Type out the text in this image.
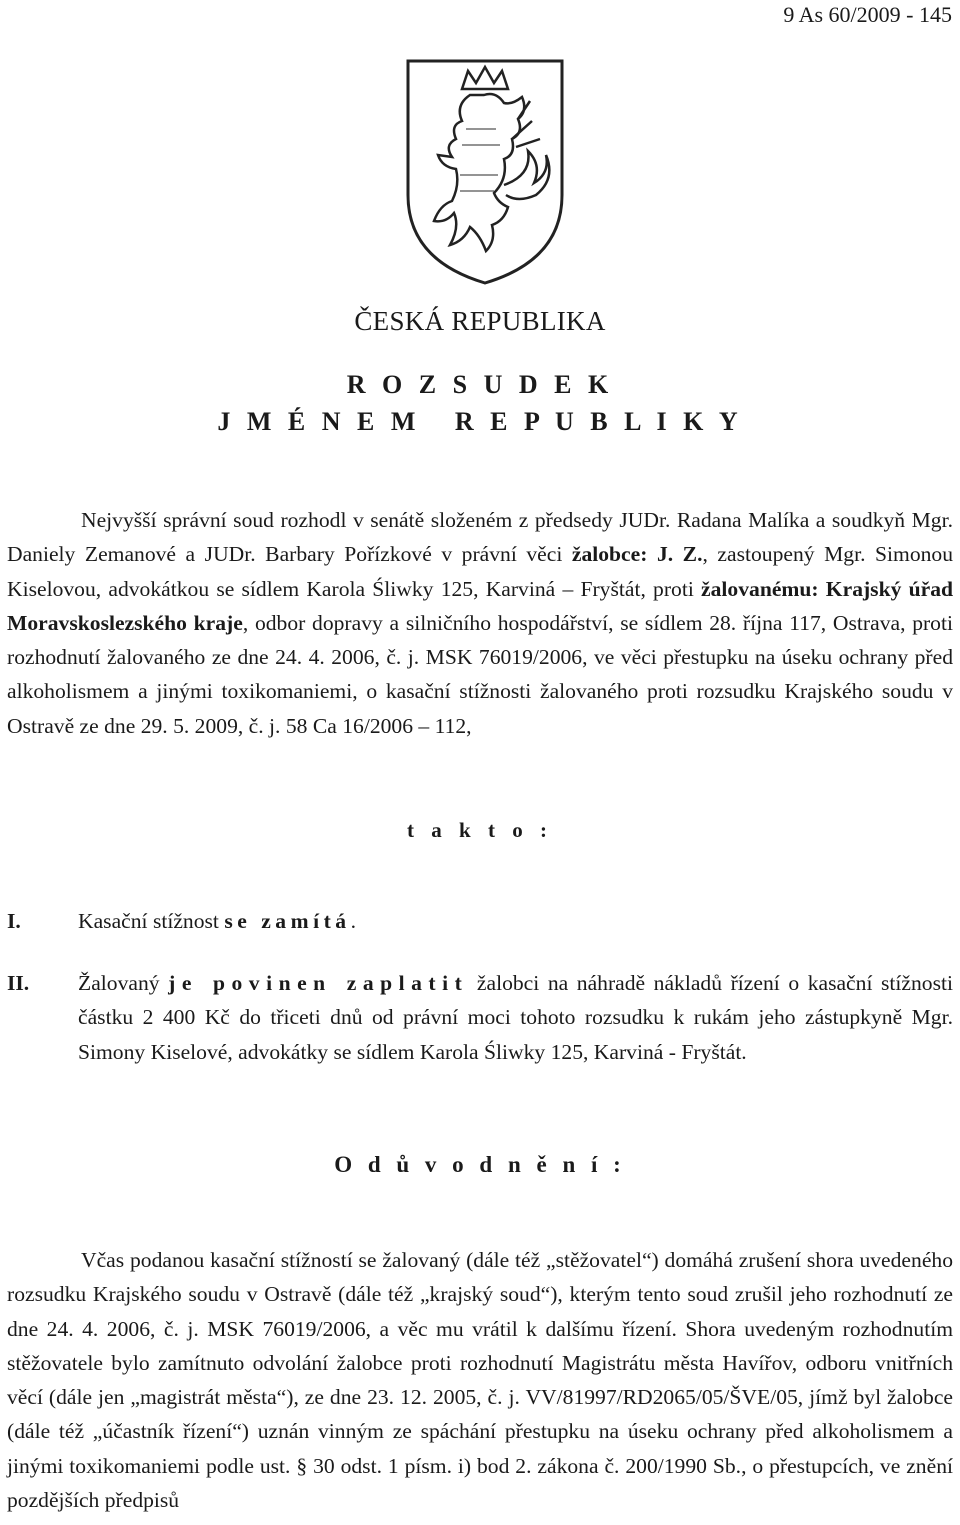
9 As 60/2009 - 145
ČESKÁ REPUBLIKA
R O Z S U D E K
J M É N E M   R E P U B L I K Y

Nejvyšší správní soud rozhodl v senátě složeném z předsedy JUDr. Radana Malíka a soudkyň Mgr. Daniely Zemanové a JUDr. Barbary Pořízkové v právní věci žalobce: J. Z., zastoupený Mgr. Simonou Kiselovou, advokátkou se sídlem Karola Śliwky 125, Karviná – Fryštát, proti žalovanému: Krajský úřad Moravskoslezského kraje, odbor dopravy a silničního hospodářství, se sídlem 28. října 117, Ostrava, proti rozhodnutí žalovaného ze dne 24. 4. 2006, č. j. MSK 76019/2006, ve věci přestupku na úseku ochrany před alkoholismem a jinými toxikomaniemi, o kasační stížnosti žalovaného proti rozsudku Krajského soudu v Ostravě ze dne 29. 5. 2009, č. j. 58 Ca 16/2006 – 112,

t a k t o :
I.	Kasační stížnost se zamítá.
II. Žalovaný je povinen zaplatit žalobci na náhradě nákladů řízení o kasační stížnosti částku 2 400 Kč do třiceti dnů od právní moci tohoto rozsudku k rukám jeho zástupkyně Mgr. Simony Kiselové, advokátky se sídlem Karola Śliwky 125, Karviná - Fryštát.
O d ů v o d n ě n í :

Včas podanou kasační stížností se žalovaný (dále též „stěžovatel“) domáhá zrušení shora uvedeného rozsudku Krajského soudu v Ostravě (dále též „krajský soud“), kterým tento soud zrušil jeho rozhodnutí ze dne 24. 4. 2006, č. j. MSK 76019/2006, a věc mu vrátil k dalšímu řízení. Shora uvedeným rozhodnutím stěžovatele bylo zamítnuto odvolání žalobce proti rozhodnutí Magistrátu města Havířov, odboru vnitřních věcí (dále jen „magistrát města“), ze dne 23. 12. 2005, č. j. VV/81997/RD2065/05/ŠVE/05, jímž byl žalobce (dále též „účastník řízení“) uznán vinným ze spáchání přestupku na úseku ochrany před alkoholismem a jinými toxikomaniemi podle ust. § 30 odst. 1 písm. i) bod 2. zákona č. 200/1990 Sb., o přestupcích, ve znění pozdějších předpisů
